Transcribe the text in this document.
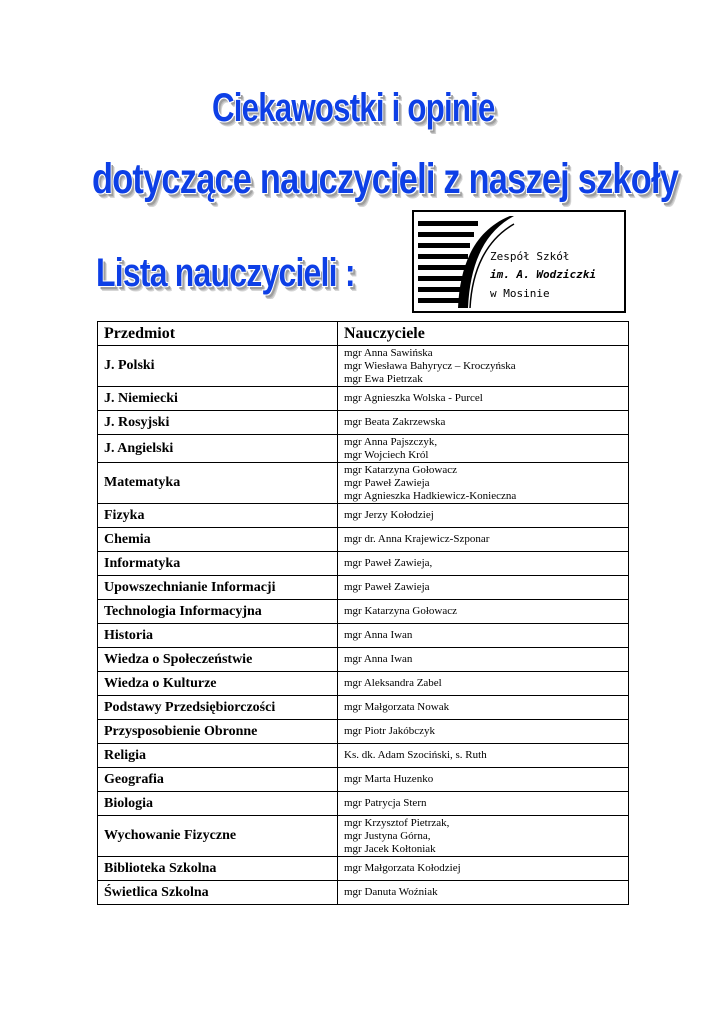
Ciekawostki i opinie
dotyczące nauczycieli z naszej szkoły
Lista nauczycieli :	Zespół Szkół
im. A. Wodziczki
w Mosinie
Przedmiot	Nauczyciele
J. Polski	mgr Anna Sawińska
mgr Wiesława Bahyrycz – Kroczyńska
mgr Ewa Pietrzak

J. Niemiecki	mgr Agnieszka Wolska - Purcel

J. Rosyjski	mgr Beata Zakrzewska

J. Angielski	mgr Anna Pajszczyk,
mgr Wojciech Król

Matematyka	mgr Katarzyna Gołowacz
mgr Paweł Zawieja
mgr Agnieszka Hadkiewicz-Konieczna

Fizyka	mgr Jerzy Kołodziej

Chemia	mgr dr. Anna Krajewicz-Szponar

Informatyka	mgr Paweł Zawieja,

Upowszechnianie Informacji	mgr Paweł Zawieja

Technologia Informacyjna	mgr Katarzyna Gołowacz

Historia	mgr Anna Iwan

Wiedza o Społeczeństwie	mgr Anna Iwan

Wiedza o Kulturze	mgr Aleksandra Zabel

Podstawy Przedsiębiorczości	mgr Małgorzata Nowak

Przysposobienie Obronne	mgr Piotr Jakóbczyk

Religia	Ks. dk. Adam Szociński, s. Ruth

Geografia	mgr Marta Huzenko

Biologia	mgr Patrycja Stern

Wychowanie Fizyczne	mgr Krzysztof Pietrzak,
mgr Justyna Górna,
mgr Jacek Kołtoniak

Biblioteka Szkolna	mgr Małgorzata Kołodziej

Świetlica Szkolna	mgr Danuta Woźniak
